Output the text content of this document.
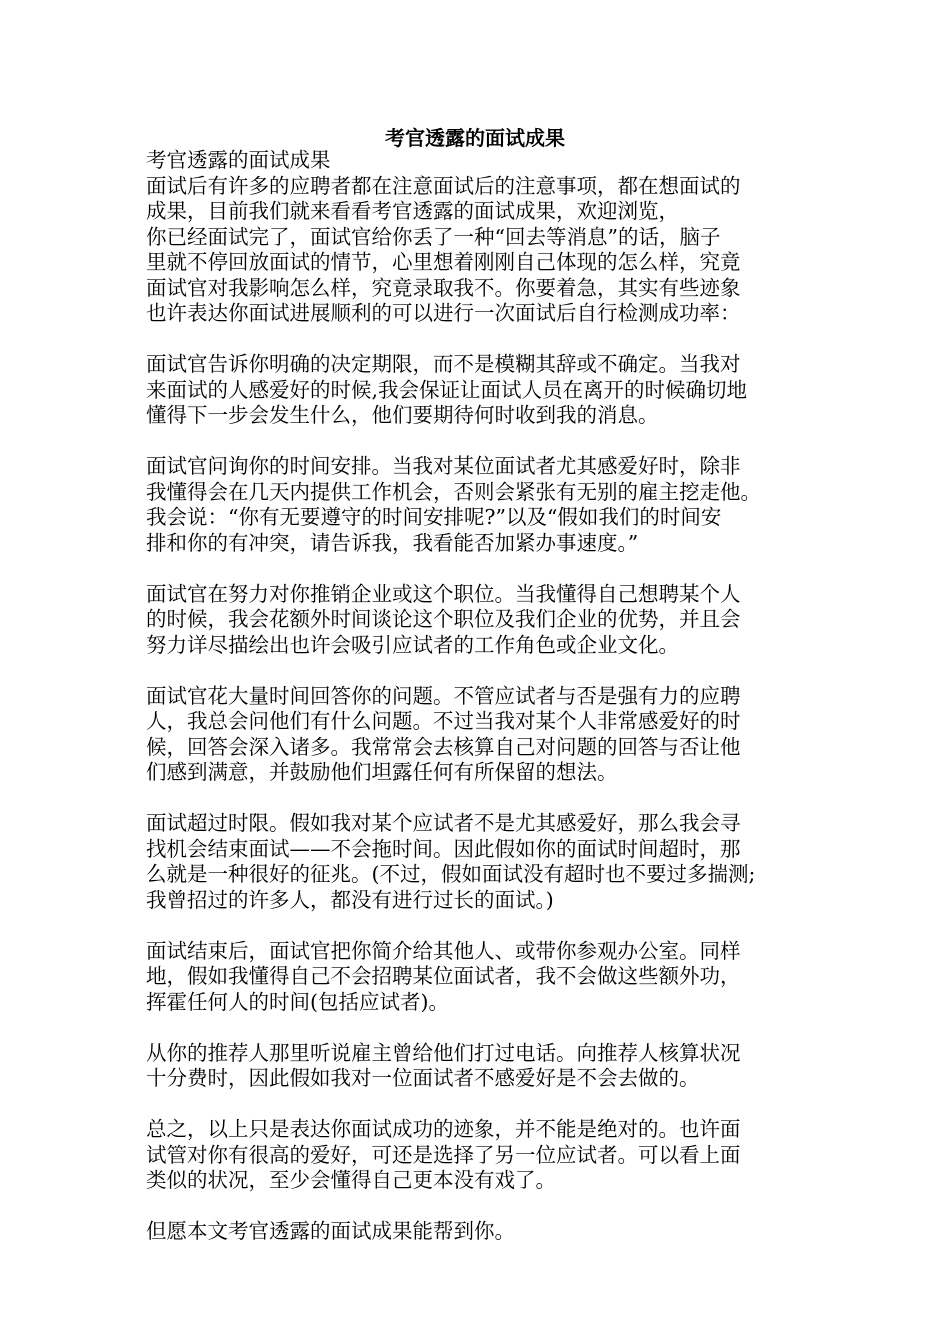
考官透露的面试成果
考官透露的面试成果
面试后有许多的应聘者都在注意面试后的注意事项，都在想面试的
成果，目前我们就来看看考官透露的面试成果，欢迎浏览，
你已经面试完了，面试官给你丢了一种“回去等消息”的话，脑子
里就不停回放面试的情节，心里想着刚刚自己体现的怎么样，究竟
面试官对我影响怎么样，究竟录取我不。你要着急，其实有些迹象
也许表达你面试进展顺利的可以进行一次面试后自行检测成功率：
面试官告诉你明确的决定期限，而不是模糊其辞或不确定。当我对
来面试的人感爱好的时候,我会保证让面试人员在离开的时候确切地
懂得下一步会发生什么，他们要期待何时收到我的消息。
面试官问询你的时间安排。当我对某位面试者尤其感爱好时，除非
我懂得会在几天内提供工作机会，否则会紧张有无别的雇主挖走他。
我会说：“你有无要遵守的时间安排呢?”以及“假如我们的时间安
排和你的有冲突，请告诉我，我看能否加紧办事速度。”
面试官在努力对你推销企业或这个职位。当我懂得自己想聘某个人
的时候，我会花额外时间谈论这个职位及我们企业的优势，并且会
努力详尽描绘出也许会吸引应试者的工作角色或企业文化。
面试官花大量时间回答你的问题。不管应试者与否是强有力的应聘
人，我总会问他们有什么问题。不过当我对某个人非常感爱好的时
候，回答会深入诸多。我常常会去核算自己对问题的回答与否让他
们感到满意，并鼓励他们坦露任何有所保留的想法。
面试超过时限。假如我对某个应试者不是尤其感爱好，那么我会寻
找机会结束面试——不会拖时间。因此假如你的面试时间超时，那
么就是一种很好的征兆。(不过，假如面试没有超时也不要过多揣测;
我曾招过的许多人，都没有进行过长的面试。)
面试结束后，面试官把你简介给其他人、或带你参观办公室。同样
地，假如我懂得自己不会招聘某位面试者，我不会做这些额外功，
挥霍任何人的时间(包括应试者)。
从你的推荐人那里听说雇主曾给他们打过电话。向推荐人核算状况
十分费时，因此假如我对一位面试者不感爱好是不会去做的。
总之，以上只是表达你面试成功的迹象，并不能是绝对的。也许面
试管对你有很高的爱好，可还是选择了另一位应试者。可以看上面
类似的状况，至少会懂得自己更本没有戏了。
但愿本文考官透露的面试成果能帮到你。
